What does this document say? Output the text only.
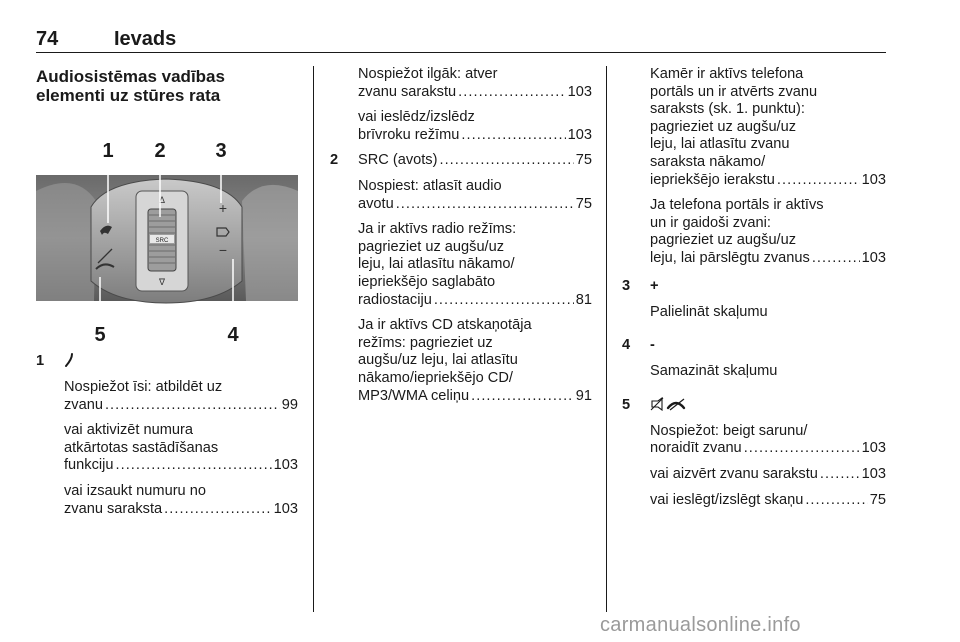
74	Ievads
Audiosistēmas vadības elementi uz stūres rata
SRC
Δ
∇
+
−
1 2 3
4
5
1

Nospiežot īsi: atbildēt uz

zvanu . . .	99

vai aktivizēt numura

atkārtotas sastādīšanas

funkciju . . .	103

vai izsaukt numuru no

zvanu saraksta . . .	103

Nospiežot ilgāk: atver

zvanu sarakstu . . .	103

vai ieslēdz/izslēdz

brīvroku režīmu . . .	103
2 SRC (avots) . . .	75

Nospiest: atlasīt audio

avotu . . .	75

Ja ir aktīvs radio režīms:

pagrieziet uz augšu/uz

leju, lai atlasītu nākamo/

iepriekšējo saglabāto

radiostaciju . . .	81

Ja ir aktīvs CD atskaņotāja

režīms: pagrieziet uz

augšu/uz leju, lai atlasītu

nākamo/iepriekšējo CD/

MP3/WMA celiņu . . .	91

Kamēr ir aktīvs telefona

portāls un ir atvērts zvanu

saraksts (sk. 1. punktu):

pagrieziet uz augšu/uz

leju, lai atlasītu zvanu

saraksta nākamo/

iepriekšējo ierakstu . . .	103

Ja telefona portāls ir aktīvs

un ir gaidoši zvani:

pagrieziet uz augšu/uz

leju, lai pārslēgtu zvanus . . .	103
3 +

Palielināt skaļumu

4 -

Samazināt skaļumu

5

Nospiežot: beigt sarunu/

noraidīt zvanu . . .	103
vai aizvērt zvanu sarakstu . . .	103
vai ieslēgt/izslēgt skaņu . . .	75
carmanualsonline.info
